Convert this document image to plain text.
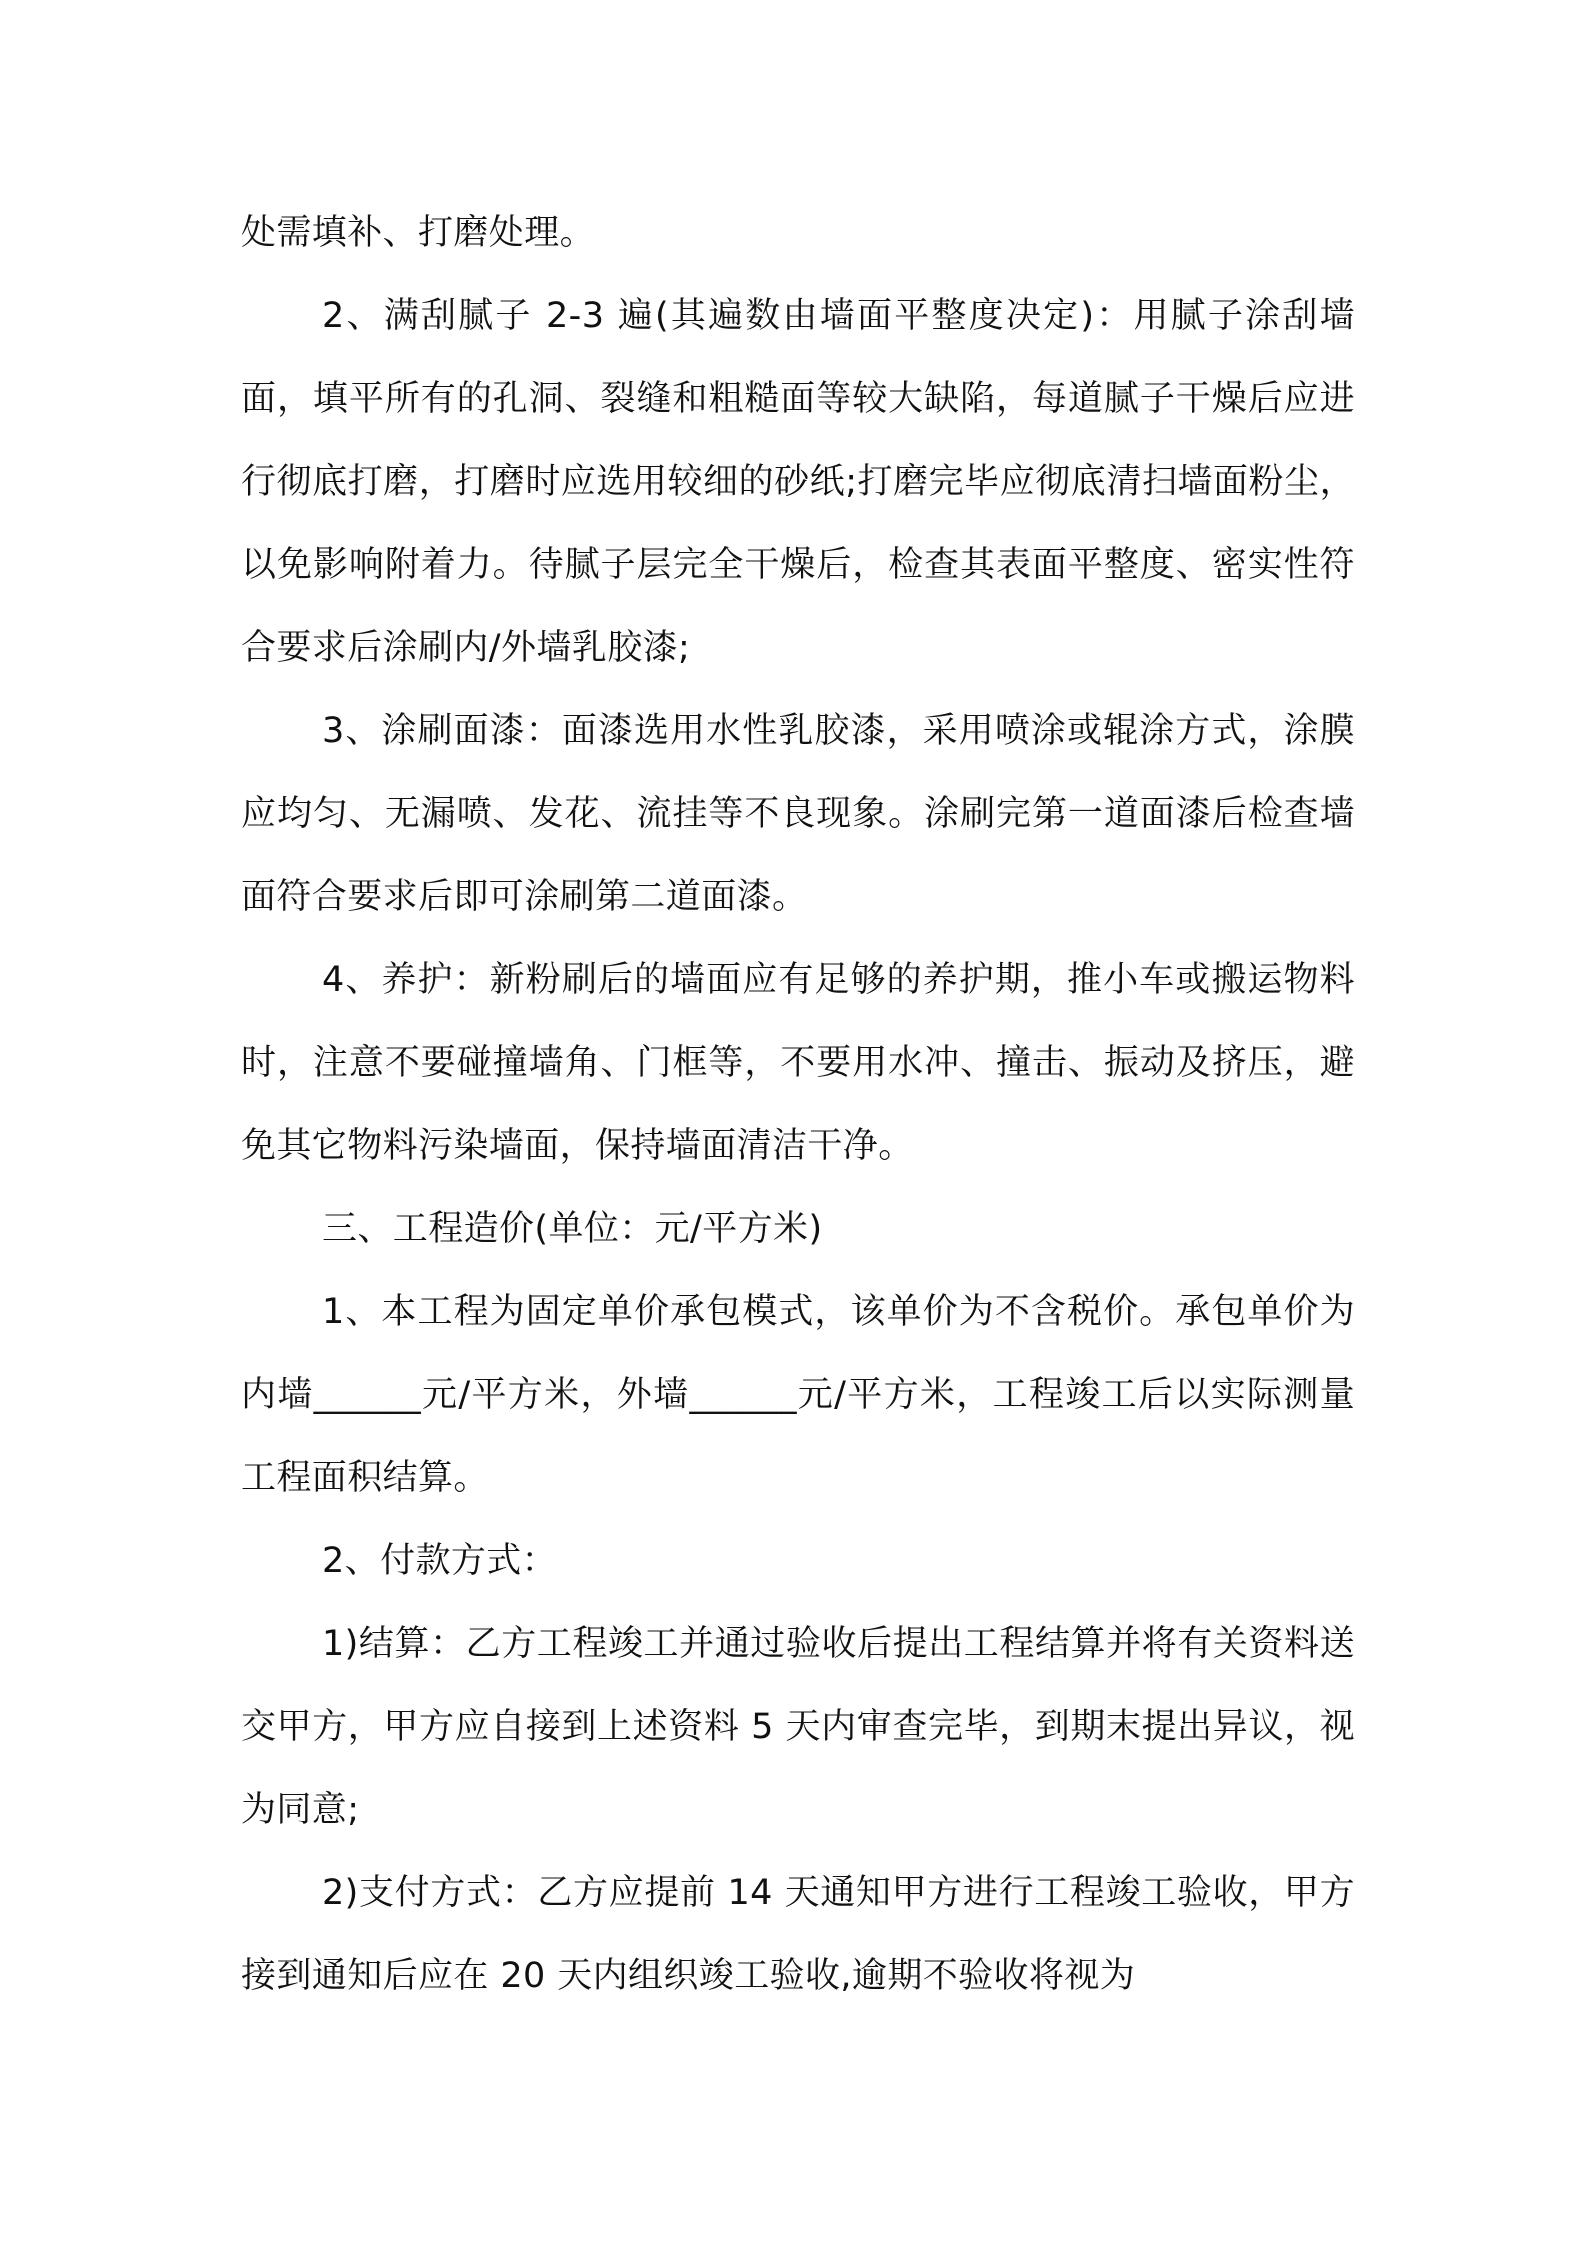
处需填补、打磨处理。

2、满刮腻子 2-3 遍(其遍数由墙面平整度决定)：用腻子涂刮墙面，填平所有的孔洞、裂缝和粗糙面等较大缺陷，每道腻子干燥后应进行彻底打磨，打磨时应选用较细的砂纸;打磨完毕应彻底清扫墙面粉尘，以免影响附着力。待腻子层完全干燥后，检查其表面平整度、密实性符合要求后涂刷内/外墙乳胶漆;

3、涂刷面漆：面漆选用水性乳胶漆，采用喷涂或辊涂方式，涂膜应均匀、无漏喷、发花、流挂等不良现象。涂刷完第一道面漆后检查墙面符合要求后即可涂刷第二道面漆。

4、养护：新粉刷后的墙面应有足够的养护期，推小车或搬运物料时，注意不要碰撞墙角、门框等，不要用水冲、撞击、振动及挤压，避免其它物料污染墙面，保持墙面清洁干净。

三、工程造价(单位：元/平方米)

1、本工程为固定单价承包模式，该单价为不含税价。承包单价为内墙______元/平方米，外墙______元/平方米，工程竣工后以实际测量工程面积结算。

2、付款方式：

1)结算：乙方工程竣工并通过验收后提出工程结算并将有关资料送交甲方，甲方应自接到上述资料 5 天内审查完毕，到期末提出异议，视为同意;

2)支付方式：乙方应提前 14 天通知甲方进行工程竣工验收，甲方接到通知后应在 20 天内组织竣工验收,逾期不验收将视为
